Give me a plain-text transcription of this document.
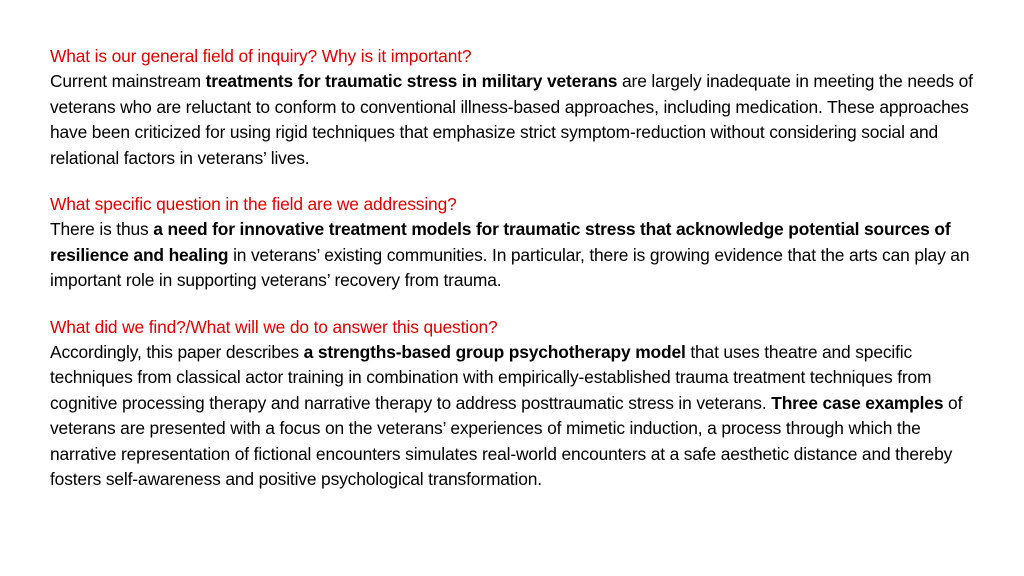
What is our general field of inquiry? Why is it important?
Current mainstream treatments for traumatic stress in military veterans are largely inadequate in meeting the needs of veterans who are reluctant to conform to conventional illness-based approaches, including medication. These approaches have been criticized for using rigid techniques that emphasize strict symptom-reduction without considering social and relational factors in veterans’ lives.
What specific question in the field are we addressing?
There is thus a need for innovative treatment models for traumatic stress that acknowledge potential sources of resilience and healing in veterans’ existing communities. In particular, there is growing evidence that the arts can play an important role in supporting veterans’ recovery from trauma.
What did we find?/What will we do to answer this question?
Accordingly, this paper describes a strengths-based group psychotherapy model that uses theatre and specific techniques from classical actor training in combination with empirically-established trauma treatment techniques from cognitive processing therapy and narrative therapy to address posttraumatic stress in veterans. Three case examples of veterans are presented with a focus on the veterans’ experiences of mimetic induction, a process through which the narrative representation of fictional encounters simulates real-world encounters at a safe aesthetic distance and thereby fosters self-awareness and positive psychological transformation.
